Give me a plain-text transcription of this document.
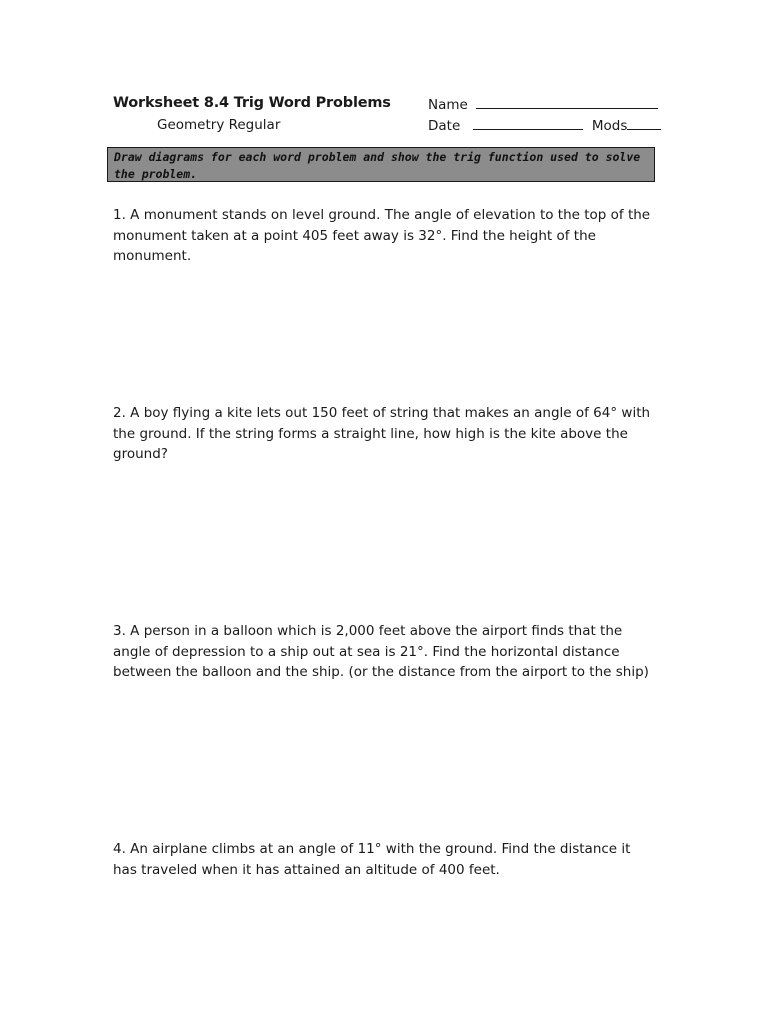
Worksheet 8.4 Trig Word Problems
Geometry Regular
Name
Date	Mods
Draw diagrams for each word problem and show the trig function used to solve the problem.
1. A monument stands on level ground. The angle of elevation to the top of the monument taken at a point 405 feet away is 32°. Find the height of the monument.
2. A boy flying a kite lets out 150 feet of string that makes an angle of 64° with the ground. If the string forms a straight line, how high is the kite above the ground?
3. A person in a balloon which is 2,000 feet above the airport finds that the angle of depression to a ship out at sea is 21°. Find the horizontal distance between the balloon and the ship. (or the distance from the airport to the ship)
4. An airplane climbs at an angle of 11° with the ground. Find the distance it has traveled when it has attained an altitude of 400 feet.
